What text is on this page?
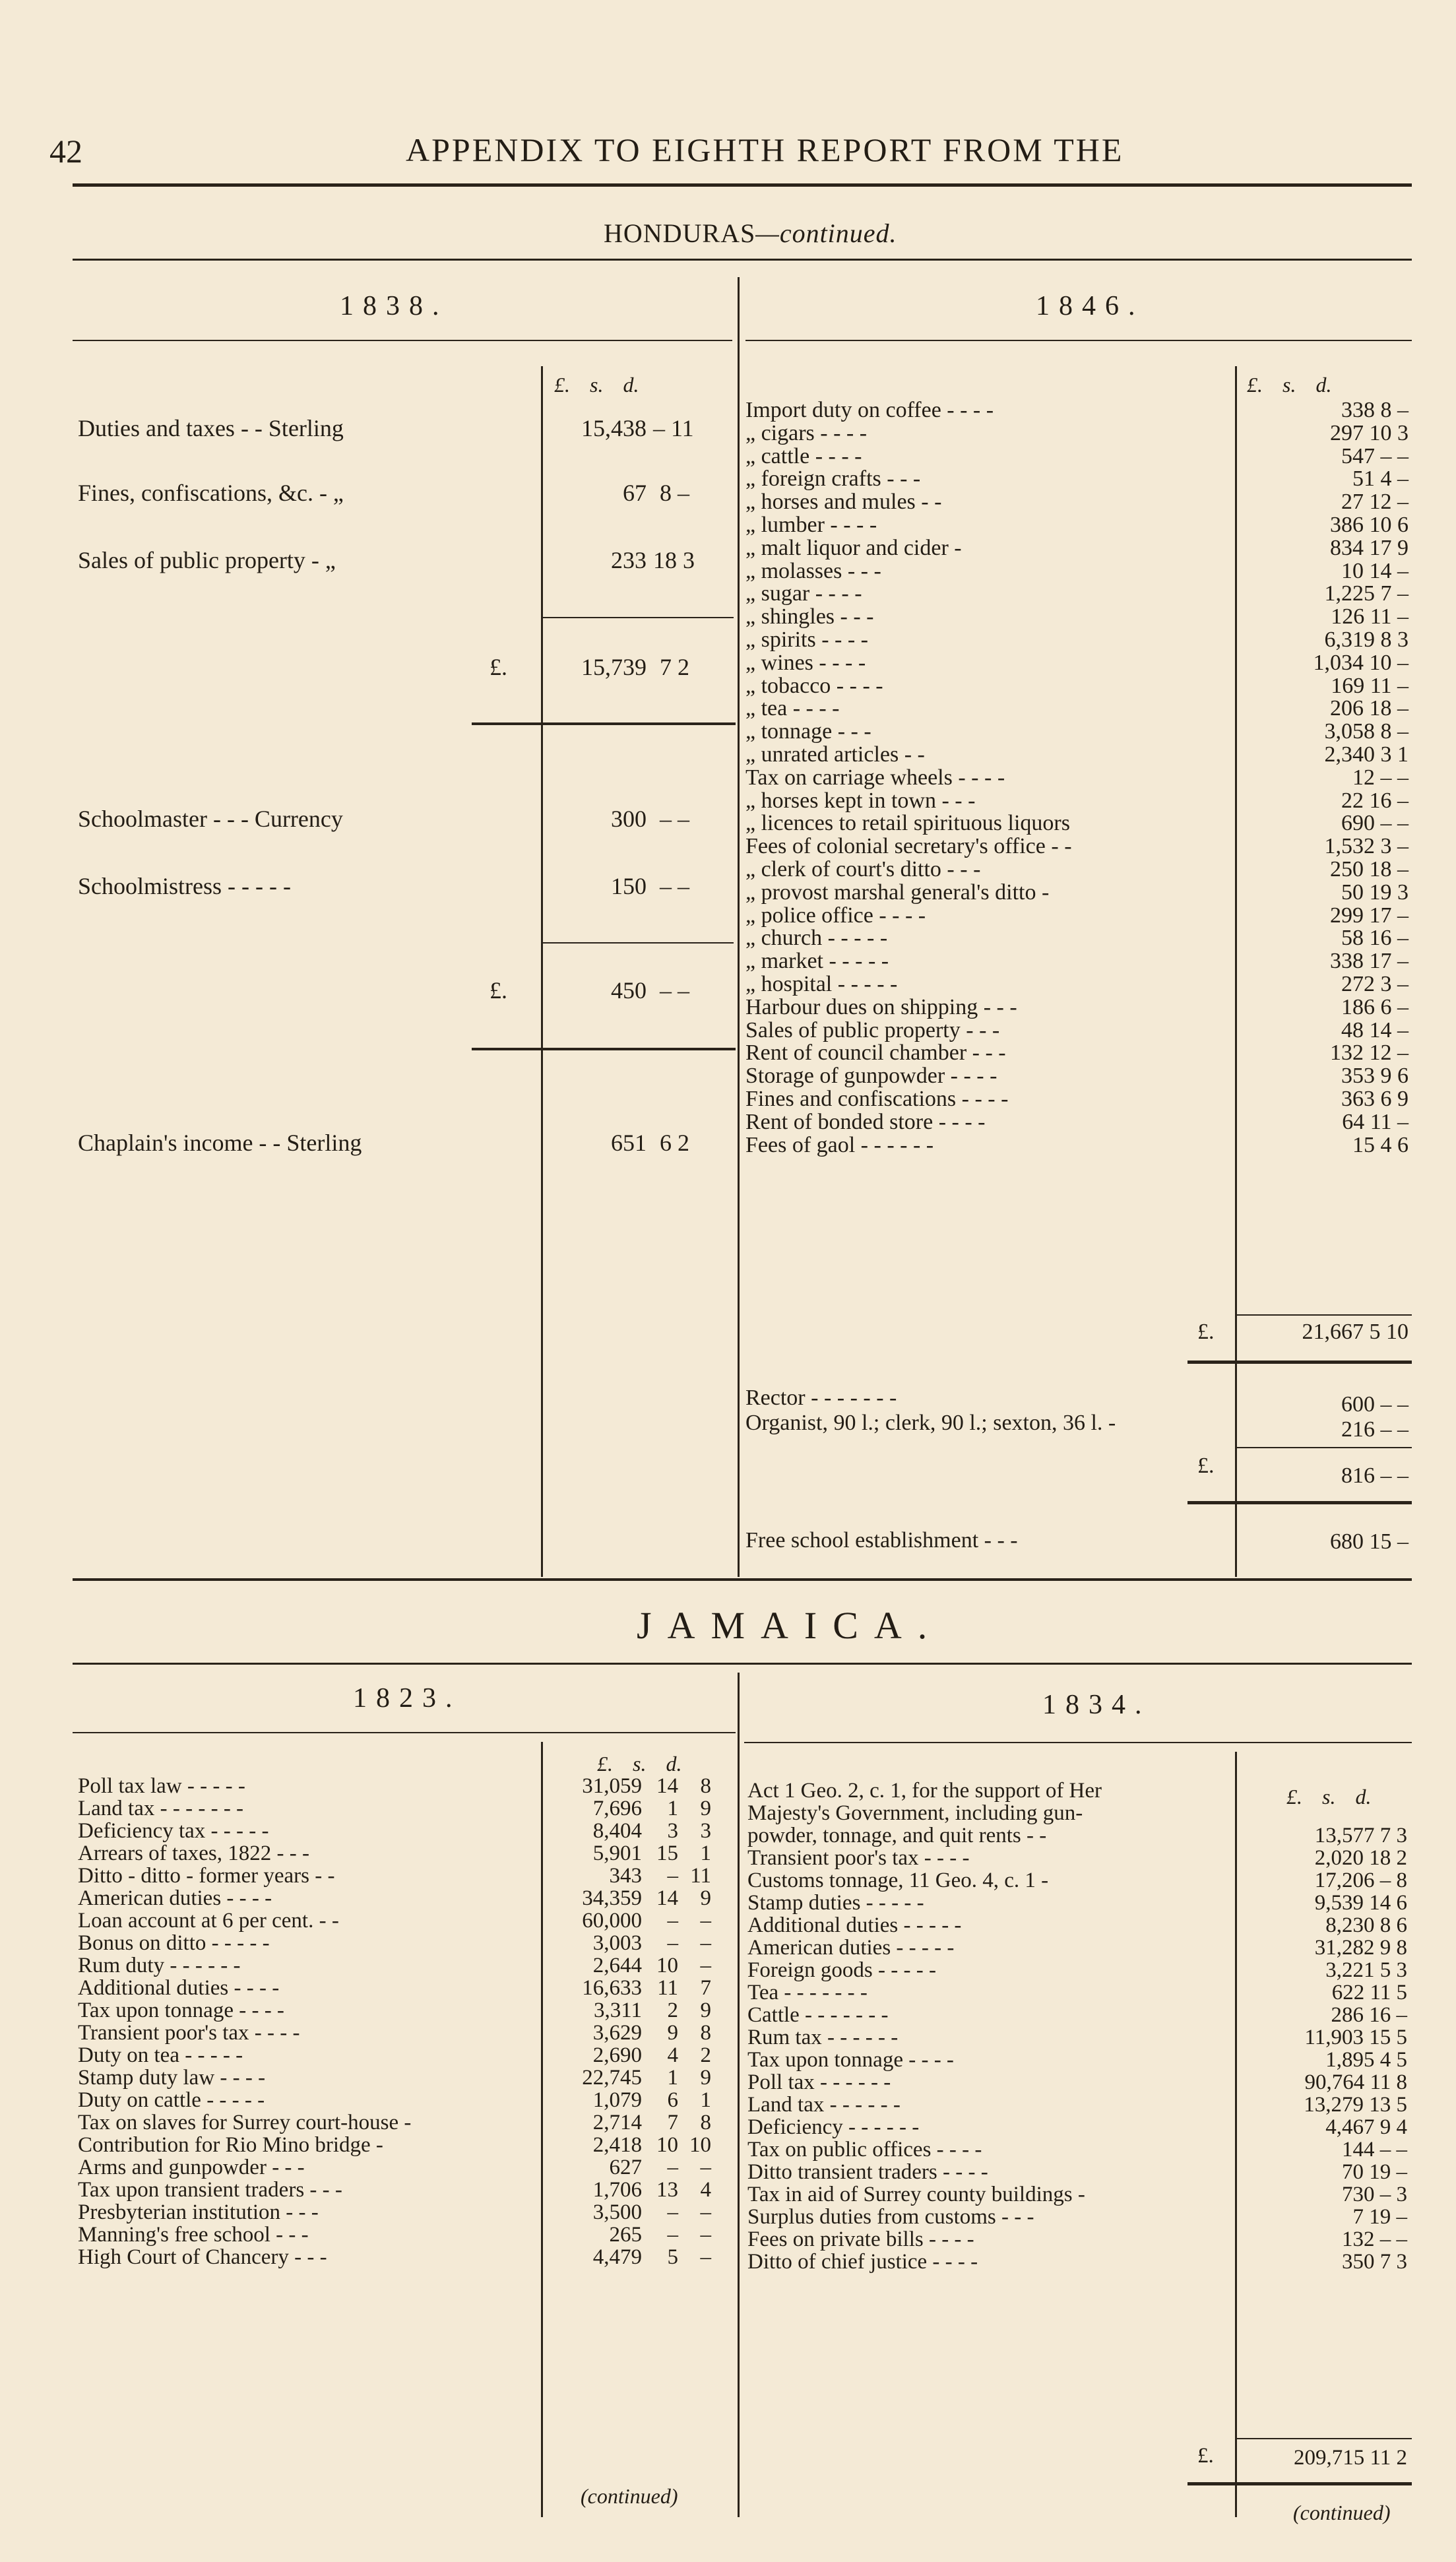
42	APPENDIX TO EIGHTH REPORT FROM THE
HONDURAS—continued.
1838.	1846.
£. s. d.
Duties and taxes - - Sterling	15,438 – 11
Fines, confiscations, &c. - „	67 8 –
Sales of public property - „	233 18 3
£.	15,739 7 2
Schoolmaster - - - Currency	300 – –
Schoolmistress - - - - -	150 – –
£.	450 – –
Chaplain's income - - Sterling	651 6 2
£. s. d.
Import duty on coffee - - - -	338 8 –
„ cigars - - - -	297 10 3
„ cattle - - - -	547 – –
„ foreign crafts - - -	51 4 –
„ horses and mules - -	27 12 –
„ lumber - - - -	386 10 6
„ malt liquor and cider -	834 17 9
„ molasses - - -	10 14 –
„ sugar - - - -	1,225 7 –
„ shingles - - -	126 11 –
„ spirits - - - -	6,319 8 3
„ wines - - - -	1,034 10 –
„ tobacco - - - -	169 11 –
„ tea - - - -	206 18 –
„ tonnage - - -	3,058 8 –
„ unrated articles - -	2,340 3 1
Tax on carriage wheels - - - -	12 – –
„ horses kept in town - - -	22 16 –
„ licences to retail spirituous liquors	690 – –
Fees of colonial secretary's office - -	1,532 3 –
„ clerk of court's ditto - - -	250 18 –
„ provost marshal general's ditto -	50 19 3
„ police office - - - -	299 17 –
„ church - - - - -	58 16 –
„ market - - - - -	338 17 –
„ hospital - - - - -	272 3 –
Harbour dues on shipping - - -	186 6 –
Sales of public property - - -	48 14 –
Rent of council chamber - - -	132 12 –
Storage of gunpowder - - - -	353 9 6
Fines and confiscations - - - -	363 6 9
Rent of bonded store - - - -	64 11 –
Fees of gaol - - - - - -	15 4 6
£.	21,667 5 10
Rector - - - - - - -	600 – –
Organist, 90 l.; clerk, 90 l.; sexton, 36 l. -	216 – –
£.	816 – –
Free school establishment - - -	680 15 –
JAMAICA.
1823.	1834.
£. s. d.
£. s. d.
Poll tax law - - - - -	31,059 14	8
Land tax - - - - - - -	7,696	1	9
Deficiency tax - - - - -	8,404	3	3
Arrears of taxes, 1822 - - -	5,901 15	1
Ditto - ditto - former years - -	343	– 11
American duties - - - -	34,359 14	9
Loan account at 6 per cent. - -	60,000	–	–
Bonus on ditto - - - - -	3,003	–	–
Rum duty - - - - - -	2,644 10	–
Additional duties - - - -	16,633 11	7
Tax upon tonnage - - - -	3,311	2	9
Transient poor's tax - - - -	3,629	9	8
Duty on tea - - - - -	2,690	4	2
Stamp duty law - - - -	22,745	1	9
Duty on cattle - - - - -	1,079	6	1
Tax on slaves for Surrey court-house -	2,714	7	8
Contribution for Rio Mino bridge -	2,418 10 10
Arms and gunpowder - - -	627	–	–
Tax upon transient traders - - -	1,706 13	4
Presbyterian institution - - -	3,500	–	–
Manning's free school - - -	265	–	–
High Court of Chancery - - -	4,479	5	–
(continued)
Act 1 Geo. 2, c. 1, for the support of Her
Majesty's Government, including gun-
powder, tonnage, and quit rents - -	13,577 7 3
Transient poor's tax - - - -	2,020 18 2
Customs tonnage, 11 Geo. 4, c. 1 -	17,206 – 8
Stamp duties - - - - -	9,539 14 6
Additional duties - - - - -	8,230 8 6
American duties - - - - -	31,282 9 8
Foreign goods - - - - -	3,221 5 3
Tea - - - - - - -	622 11 5
Cattle - - - - - - -	286 16 –
Rum tax - - - - - -	11,903 15 5
Tax upon tonnage - - - -	1,895 4 5
Poll tax - - - - - -	90,764 11 8
Land tax - - - - - -	13,279 13 5
Deficiency - - - - - -	4,467 9 4
Tax on public offices - - - -	144 – –
Ditto transient traders - - - -	70 19 –
Tax in aid of Surrey county buildings -	730 – 3
Surplus duties from customs - - -	7 19 –
Fees on private bills - - - -	132 – –
Ditto of chief justice - - - -	350 7 3
£.	209,715 11 2
(continued)
